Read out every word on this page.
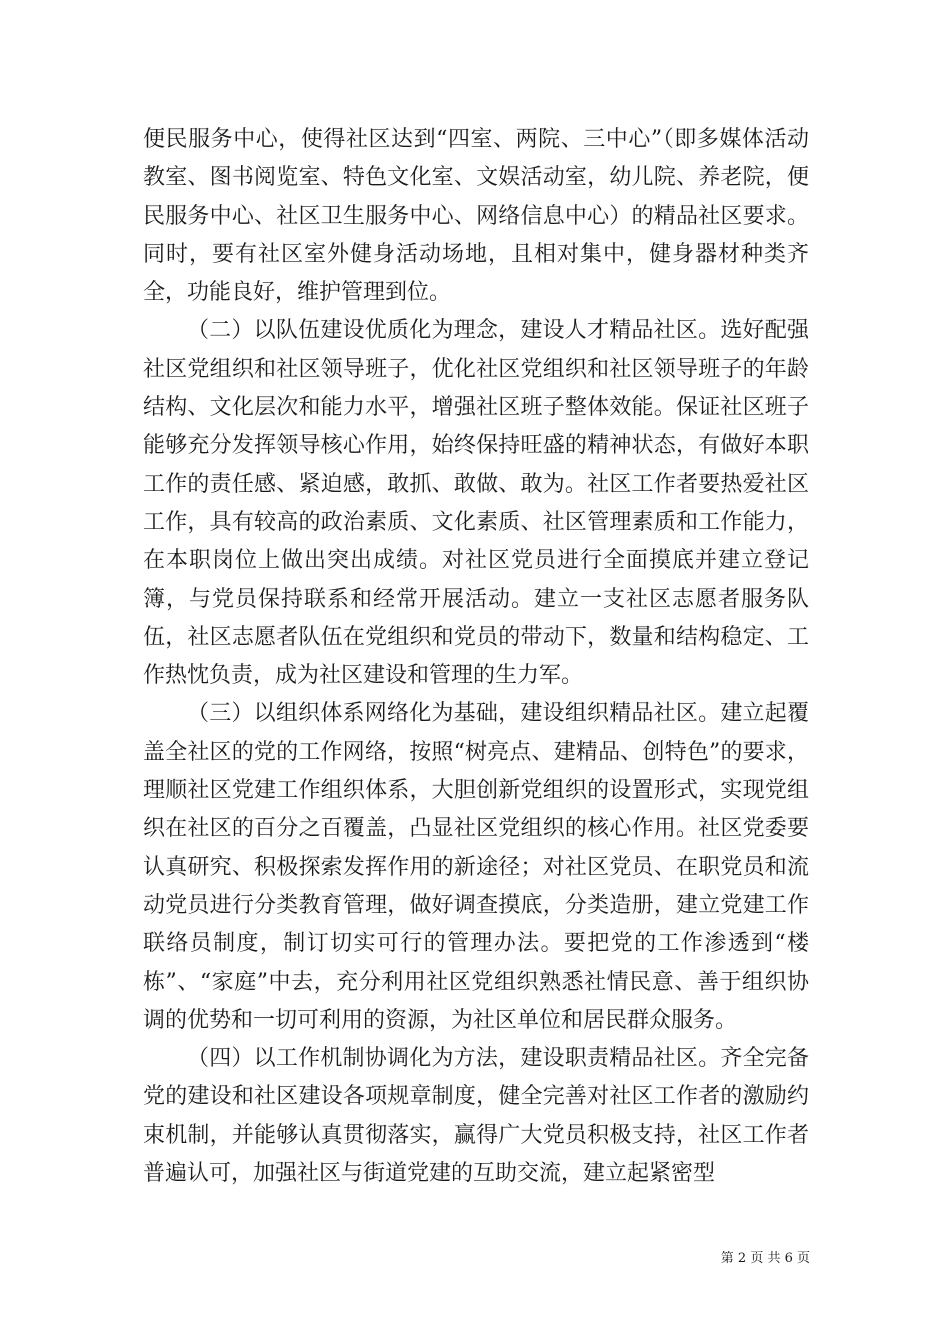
便民服务中心，使得社区达到“四室、两院、三中心”（即多媒体活动教室、图书阅览室、特色文化室、文娱活动室，幼儿院、养老院，便民服务中心、社区卫生服务中心、网络信息中心）的精品社区要求。同时，要有社区室外健身活动场地，且相对集中，健身器材种类齐全，功能良好，维护管理到位。

（二）以队伍建设优质化为理念，建设人才精品社区。选好配强社区党组织和社区领导班子，优化社区党组织和社区领导班子的年龄结构、文化层次和能力水平，增强社区班子整体效能。保证社区班子能够充分发挥领导核心作用，始终保持旺盛的精神状态，有做好本职工作的责任感、紧迫感，敢抓、敢做、敢为。社区工作者要热爱社区工作，具有较高的政治素质、文化素质、社区管理素质和工作能力，在本职岗位上做出突出成绩。对社区党员进行全面摸底并建立登记簿，与党员保持联系和经常开展活动。建立一支社区志愿者服务队伍，社区志愿者队伍在党组织和党员的带动下，数量和结构稳定、工作热忱负责，成为社区建设和管理的生力军。

（三）以组织体系网络化为基础，建设组织精品社区。建立起覆盖全社区的党的工作网络，按照“树亮点、建精品、创特色”的要求，理顺社区党建工作组织体系，大胆创新党组织的设置形式，实现党组织在社区的百分之百覆盖，凸显社区党组织的核心作用。社区党委要认真研究、积极探索发挥作用的新途径；对社区党员、在职党员和流动党员进行分类教育管理，做好调查摸底，分类造册，建立党建工作联络员制度，制订切实可行的管理办法。要把党的工作渗透到“楼栋”、“家庭”中去，充分利用社区党组织熟悉社情民意、善于组织协调的优势和一切可利用的资源，为社区单位和居民群众服务。

（四）以工作机制协调化为方法，建设职责精品社区。齐全完备党的建设和社区建设各项规章制度，健全完善对社区工作者的激励约束机制，并能够认真贯彻落实，赢得广大党员积极支持，社区工作者普遍认可，加强社区与街道党建的互助交流，建立起紧密型

第 2 页 共 6 页
